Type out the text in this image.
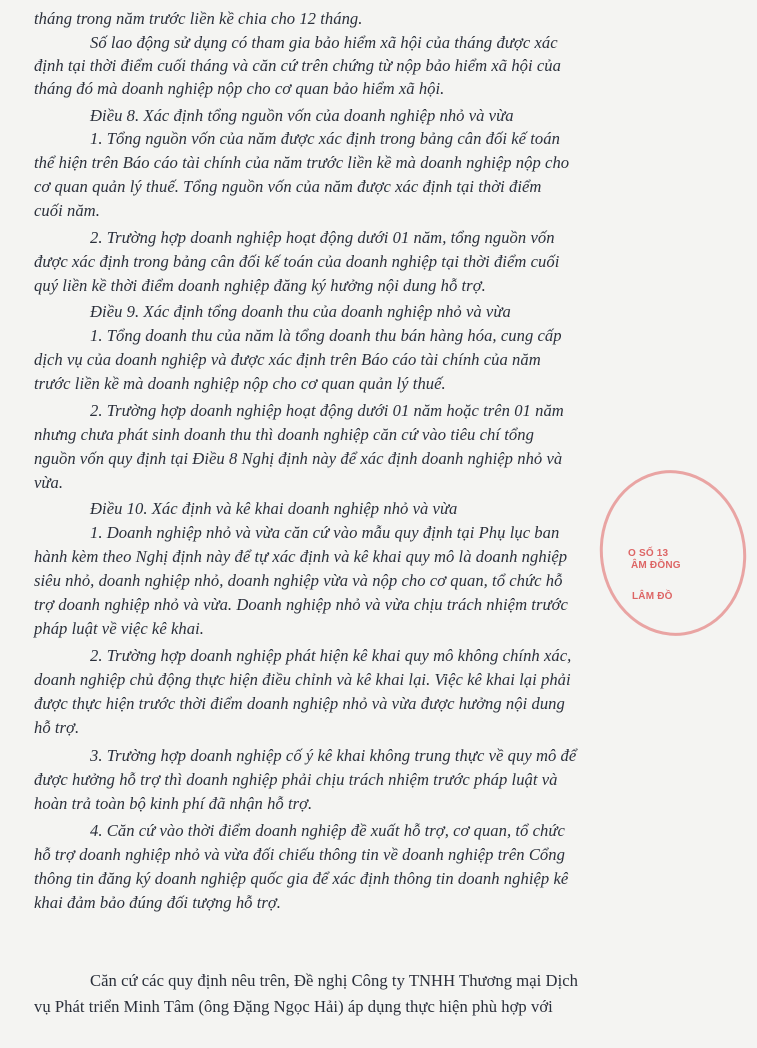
tháng trong năm trước liền kề chia cho 12 tháng.
Số lao động sử dụng có tham gia bảo hiểm xã hội của tháng được xác
định tại thời điểm cuối tháng và căn cứ trên chứng từ nộp bảo hiểm xã hội của
tháng đó mà doanh nghiệp nộp cho cơ quan bảo hiểm xã hội.
Điều 8. Xác định tổng nguồn vốn của doanh nghiệp nhỏ và vừa
1. Tổng nguồn vốn của năm được xác định trong bảng cân đối kế toán
thể hiện trên Báo cáo tài chính của năm trước liền kề mà doanh nghiệp nộp cho
cơ quan quản lý thuế. Tổng nguồn vốn của năm được xác định tại thời điểm
cuối năm.
2. Trường hợp doanh nghiệp hoạt động dưới 01 năm, tổng nguồn vốn
được xác định trong bảng cân đối kế toán của doanh nghiệp tại thời điểm cuối
quý liền kề thời điểm doanh nghiệp đăng ký hưởng nội dung hỗ trợ.
Điều 9. Xác định tổng doanh thu của doanh nghiệp nhỏ và vừa
1. Tổng doanh thu của năm là tổng doanh thu bán hàng hóa, cung cấp
dịch vụ của doanh nghiệp và được xác định trên Báo cáo tài chính của năm
trước liền kề mà doanh nghiệp nộp cho cơ quan quản lý thuế.
2. Trường hợp doanh nghiệp hoạt động dưới 01 năm hoặc trên 01 năm
nhưng chưa phát sinh doanh thu thì doanh nghiệp căn cứ vào tiêu chí tổng
nguồn vốn quy định tại Điều 8 Nghị định này để xác định doanh nghiệp nhỏ và
vừa.
Điều 10. Xác định và kê khai doanh nghiệp nhỏ và vừa
1. Doanh nghiệp nhỏ và vừa căn cứ vào mẫu quy định tại Phụ lục ban
hành kèm theo Nghị định này để tự xác định và kê khai quy mô là doanh nghiệp
siêu nhỏ, doanh nghiệp nhỏ, doanh nghiệp vừa và nộp cho cơ quan, tổ chức hỗ
trợ doanh nghiệp nhỏ và vừa. Doanh nghiệp nhỏ và vừa chịu trách nhiệm trước
pháp luật về việc kê khai.
2. Trường hợp doanh nghiệp phát hiện kê khai quy mô không chính xác,
doanh nghiệp chủ động thực hiện điều chỉnh và kê khai lại. Việc kê khai lại phải
được thực hiện trước thời điểm doanh nghiệp nhỏ và vừa được hưởng nội dung
hỗ trợ.
3. Trường hợp doanh nghiệp cố ý kê khai không trung thực về quy mô để
được hưởng hỗ trợ thì doanh nghiệp phải chịu trách nhiệm trước pháp luật và
hoàn trả toàn bộ kinh phí đã nhận hỗ trợ.
4. Căn cứ vào thời điểm doanh nghiệp đề xuất hỗ trợ, cơ quan, tổ chức
hỗ trợ doanh nghiệp nhỏ và vừa đối chiếu thông tin về doanh nghiệp trên Cổng
thông tin đăng ký doanh nghiệp quốc gia để xác định thông tin doanh nghiệp kê
khai đảm bảo đúng đối tượng hỗ trợ.
Căn cứ các quy định nêu trên, Đề nghị Công ty TNHH Thương mại Dịch
vụ Phát triển Minh Tâm (ông Đặng Ngọc Hải) áp dụng thực hiện phù hợp với
O SỐ 13
ÂM ĐỒNG
LÂM ĐỒ
